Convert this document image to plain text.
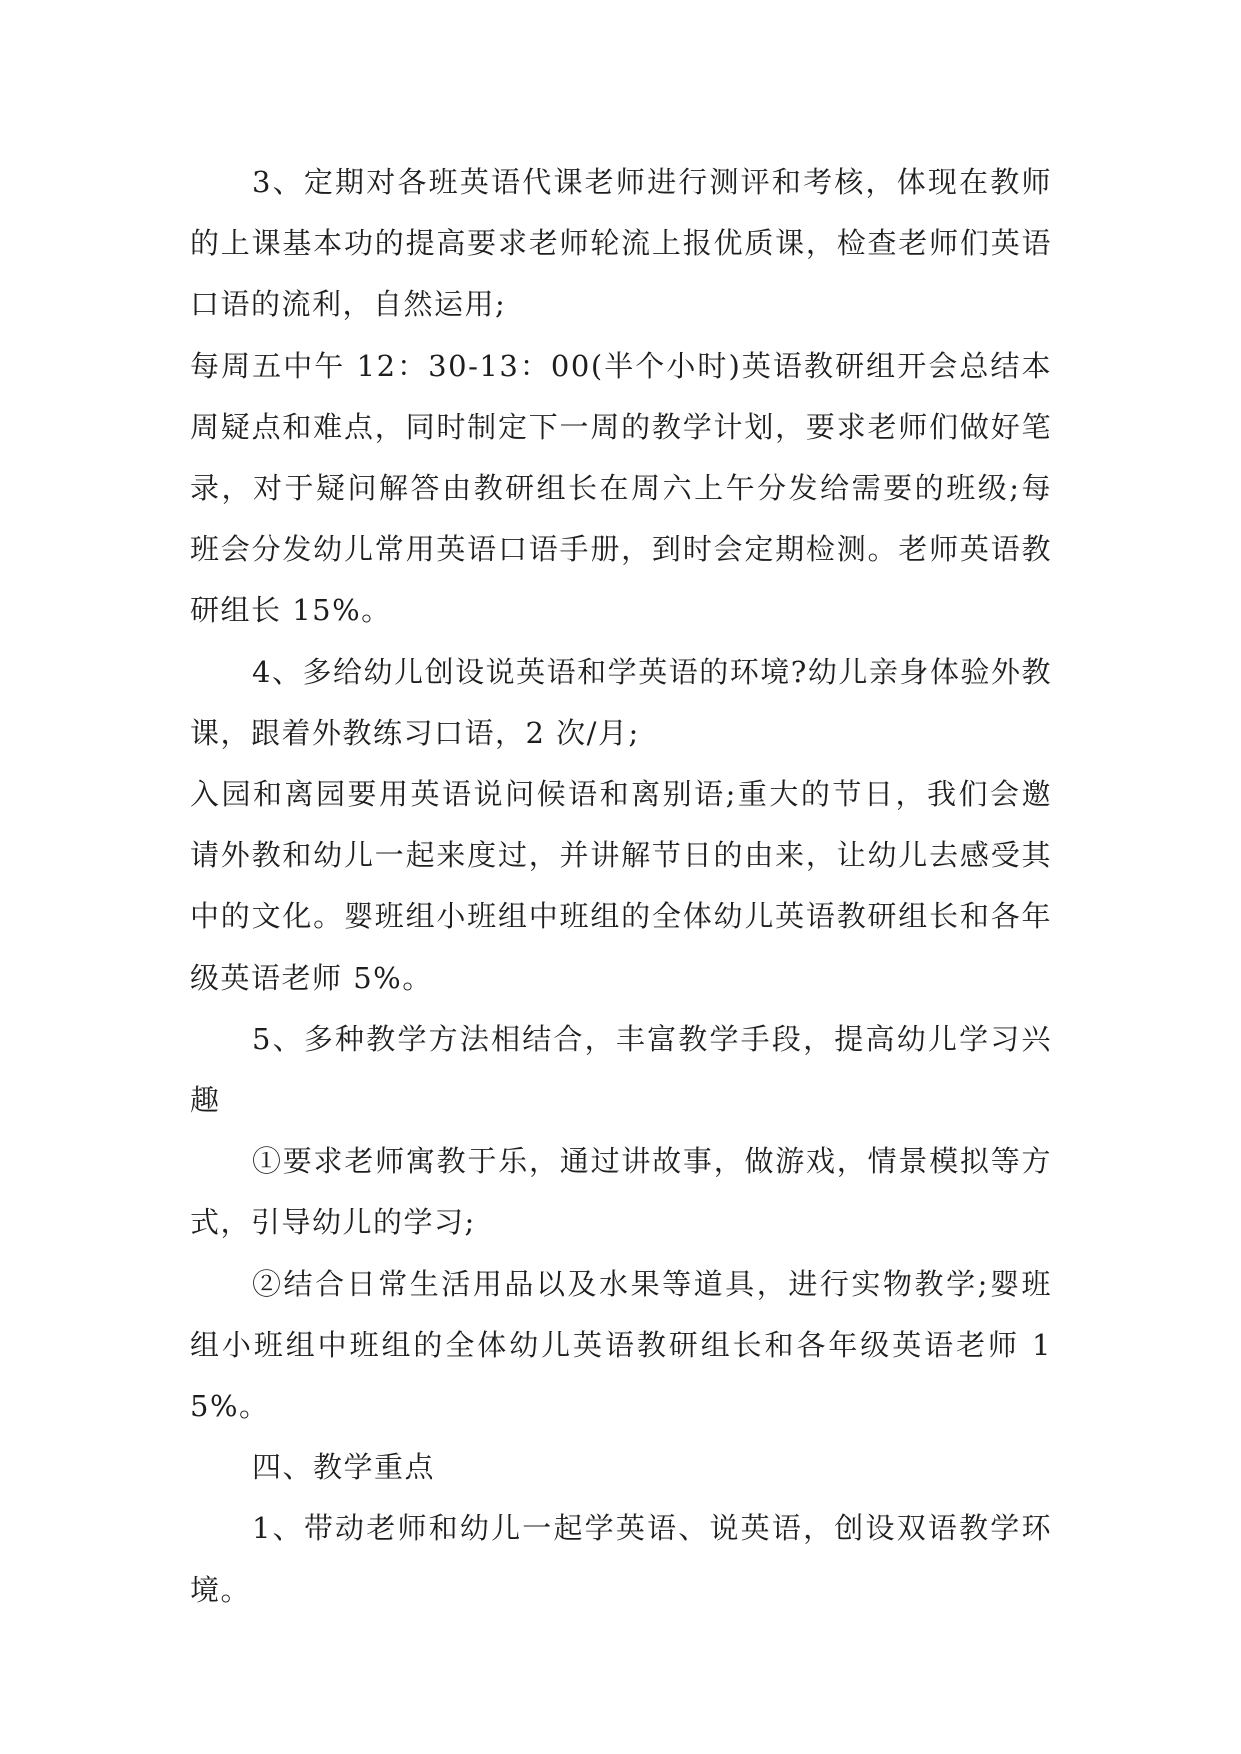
3、定期对各班英语代课老师进行测评和考核，体现在教师的上课基本功的提高要求老师轮流上报优质课，检查老师们英语口语的流利，自然运用;

每周五中午 12：30-13：00(半个小时)英语教研组开会总结本周疑点和难点，同时制定下一周的教学计划，要求老师们做好笔录，对于疑问解答由教研组长在周六上午分发给需要的班级;每班会分发幼儿常用英语口语手册，到时会定期检测。老师英语教研组长 15%。

4、多给幼儿创设说英语和学英语的环境?幼儿亲身体验外教课，跟着外教练习口语，2 次/月;

入园和离园要用英语说问候语和离别语;重大的节日，我们会邀请外教和幼儿一起来度过，并讲解节日的由来，让幼儿去感受其中的文化。婴班组小班组中班组的全体幼儿英语教研组长和各年级英语老师 5%。

5、多种教学方法相结合，丰富教学手段，提高幼儿学习兴趣

①要求老师寓教于乐，通过讲故事，做游戏，情景模拟等方式，引导幼儿的学习;

②结合日常生活用品以及水果等道具，进行实物教学;婴班组小班组中班组的全体幼儿英语教研组长和各年级英语老师 15%。

四、教学重点

1、带动老师和幼儿一起学英语、说英语，创设双语教学环境。
